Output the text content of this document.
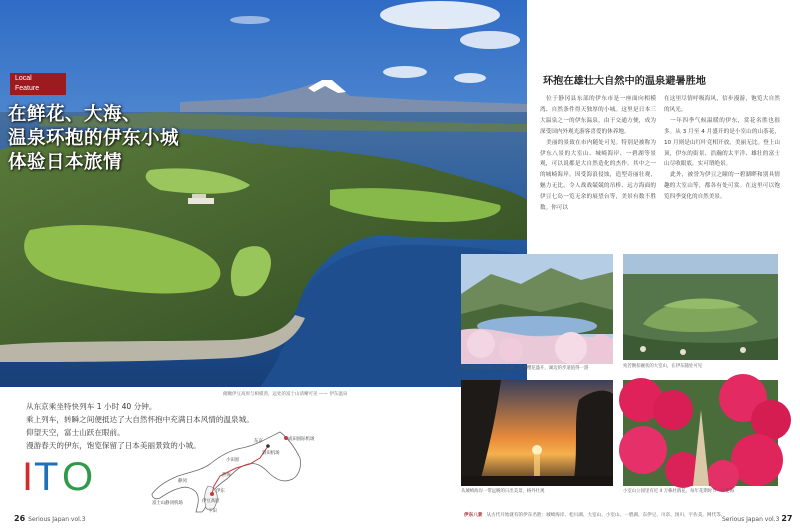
Local
Feature
在鲜花、大海、
温泉环抱的伊东小城
体验日本旅情
俯瞰伊豆高原与相模湾，远处的富士山清晰可见 —— 伊东温泉
从东京乘坐特快列车 1 小时 40 分钟。
乘上列车，转瞬之间便抵达了大自然怀抱中充满日本风情的温泉城。
仰望天空，富士山跃在眼前。
漫游春天的伊东，饱览保留了日本美丽景致的小城。
I T O
成田国际机场
东京
羽田机场
小田原
热海
伊东
伊豆高原
富士山静冈机场
静冈
下田
26 Serious Japan vol.3	Serious Japan vol.3 27
环抱在雄壮大自然中的温泉避暑胜地

位于静冈县东部的伊东市是一座面向相模湾、自然条件得天独厚的小城。这里是日本三大温泉之一的伊东温泉，由于交通方便，成为深受国内外观光游客喜爱的休养地。

美丽的景致在市内随处可见。特别是被称为伊东八景的大室山、城崎海岸、一碧湖等景观，可以说都是大自然造化的杰作。其中之一的城崎海岸，因受海浪侵蚀，造型奇丽壮观，魅力无比。令人战战兢兢的吊桥、远方海面的伊豆七岛一览无余的展望台等，美景有数不胜数。你可以

在这里尽情呼吸海风，信步漫游，饱览大自然的风光。

一年四季气候温暖的伊东，赏花名胜也很多。从 3 月至 4 月盛开的是小室山的山茶花，10 月则是山红叶竞相开放，美丽无比。登上山顶，伊东的街景、浩瀚的太平洋、雄壮的富士山尽收眼底，实可谓绝景。

此外，被誉为伊豆之瞳的一碧湖畔和别具情趣的大室山等，都各有处可赏。在这里可以饱览四季变化的自然美景。

松川湖是伊东最大的人造湖，春季樱花盛开，湖边的步道值得一游	宛若倒扣碗状的大室山，在伊东随处可见
从城崎海岸一带远眺的日出美景，格外壮观	小室山公园里有近 4 万株杜鹃花，每年花期时节一片花海
伊东八景 从古代开始就有的伊东名胜：城崎海岸、松川湖、大室山、小室山、一碧湖、东伊豆、川奈、汤川、宇佐美、网代等。
